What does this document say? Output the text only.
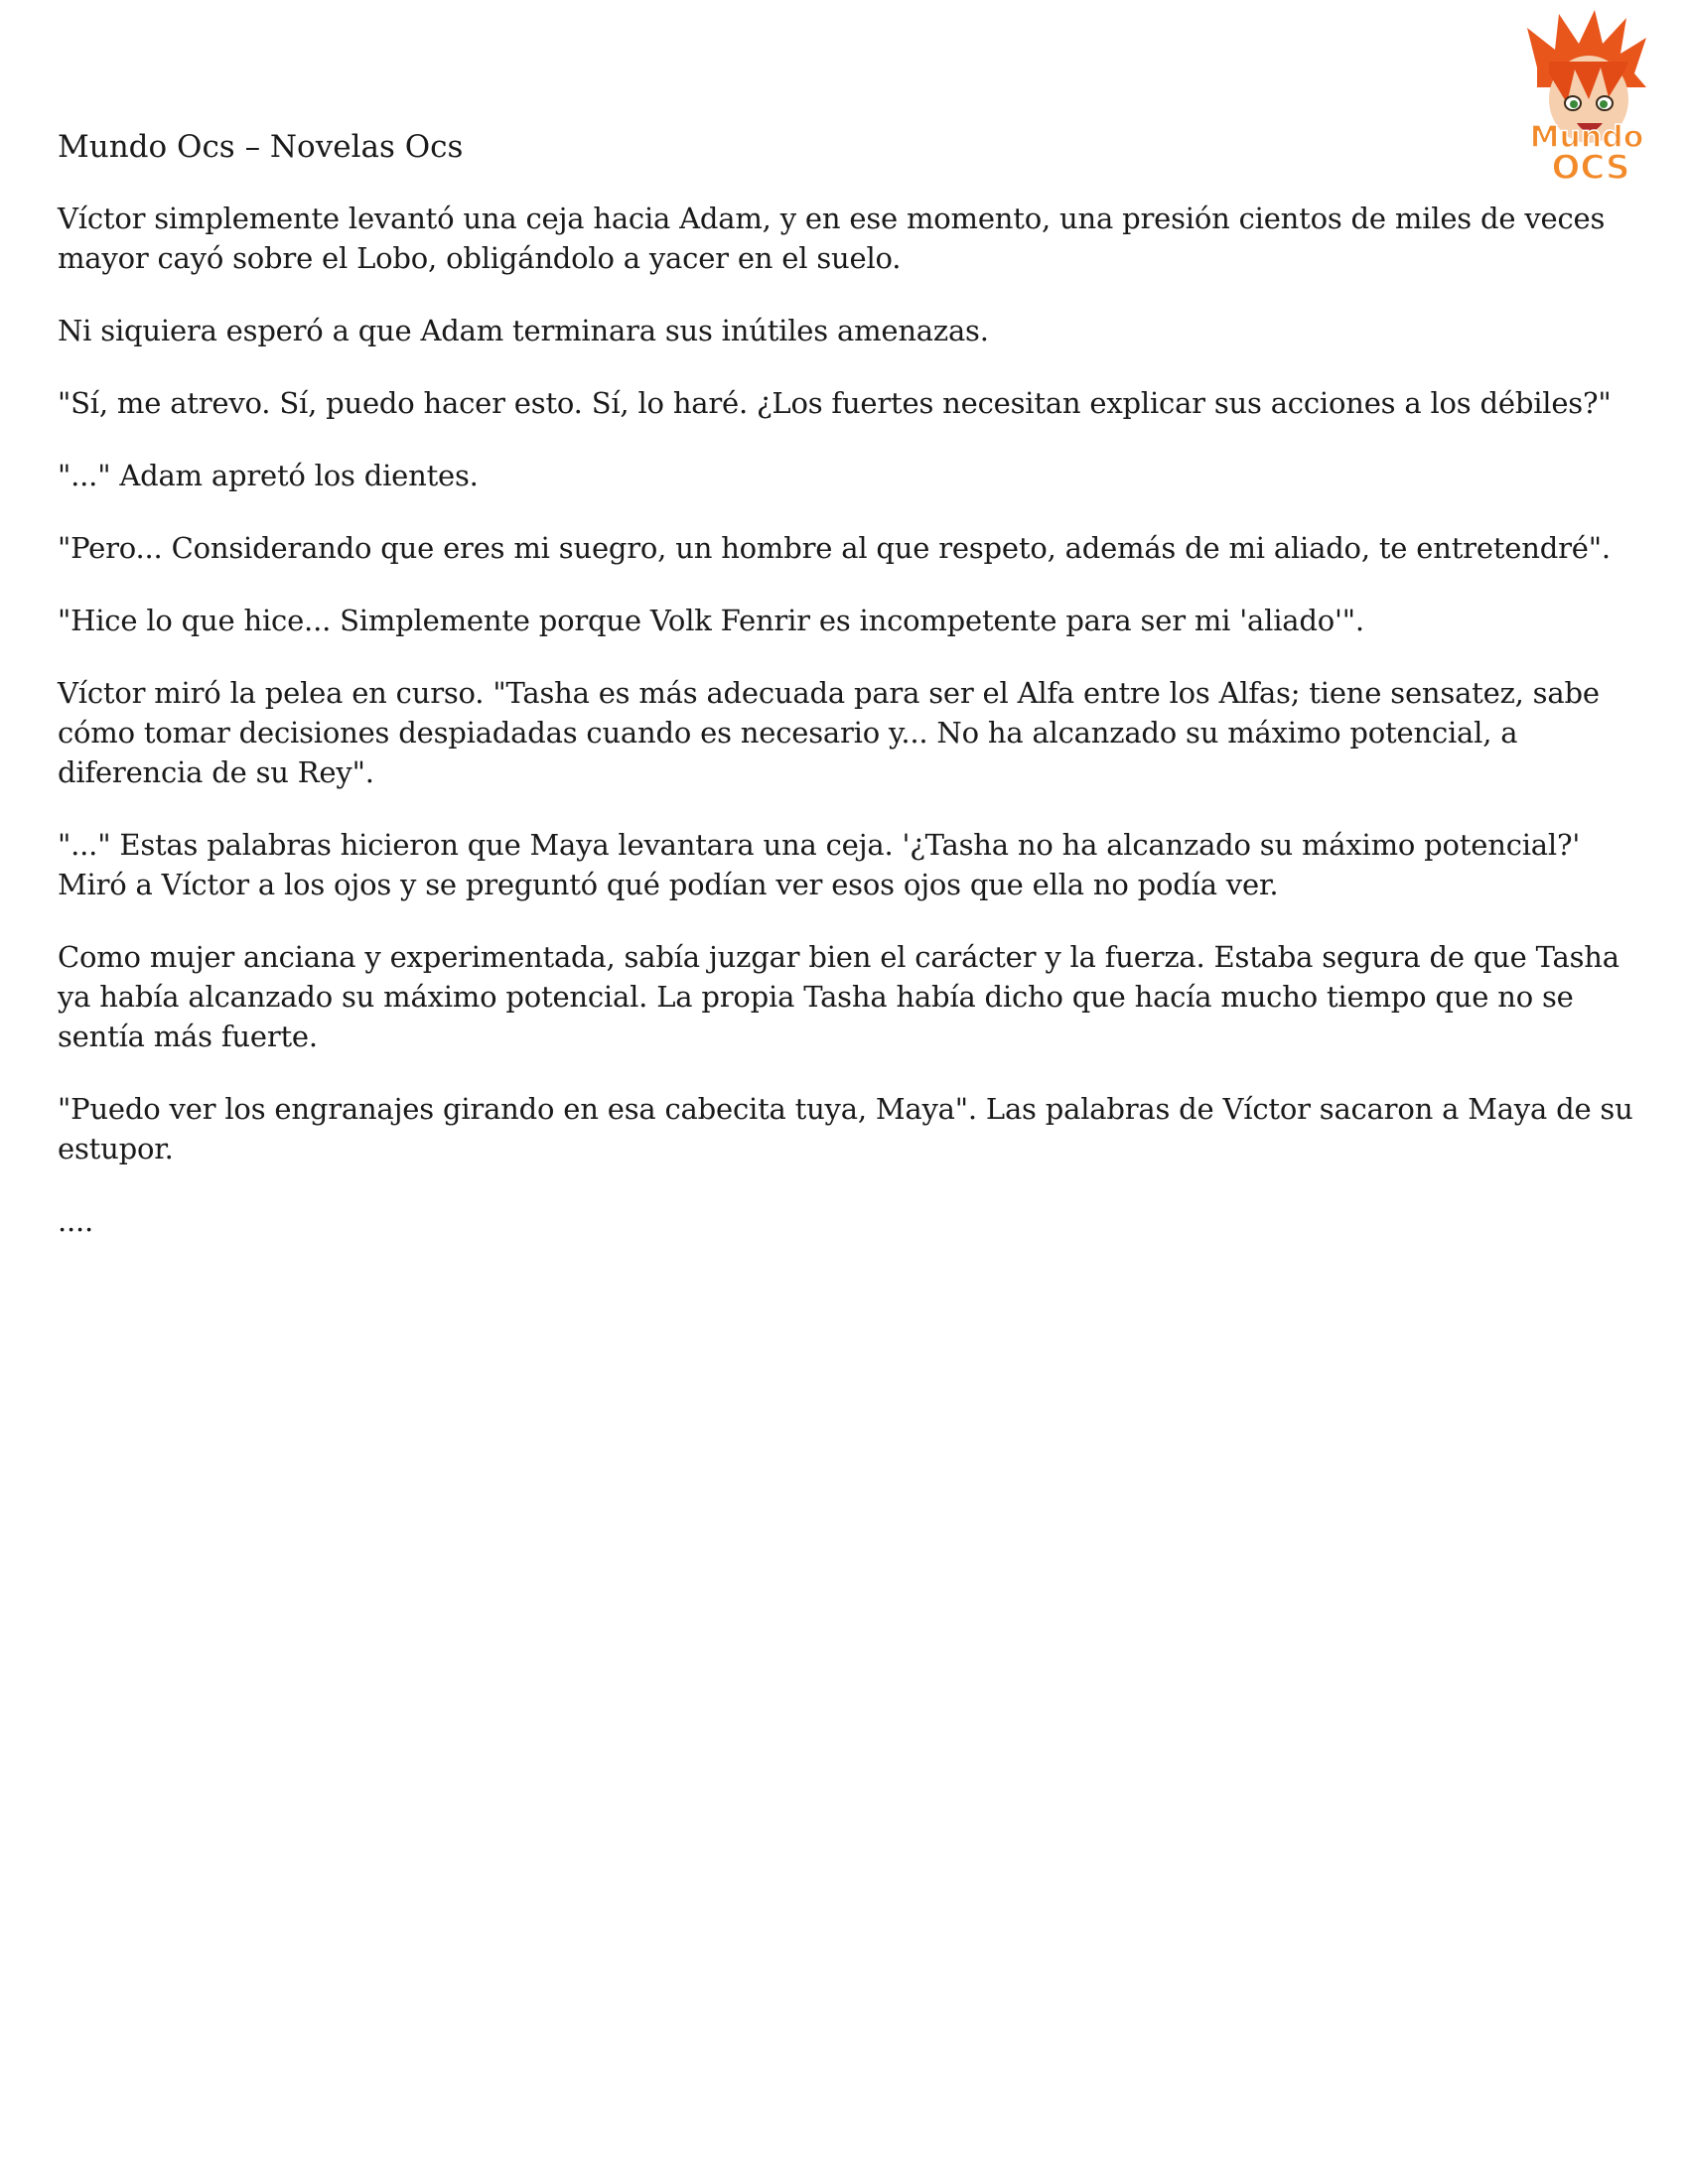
Mundo
OCS
Mundo Ocs – Novelas Ocs

Víctor simplemente levantó una ceja hacia Adam, y en ese momento, una presión cientos de miles de veces mayor cayó sobre el Lobo, obligándolo a yacer en el suelo.

Ni siquiera esperó a que Adam terminara sus inútiles amenazas.

"Sí, me atrevo. Sí, puedo hacer esto. Sí, lo haré. ¿Los fuertes necesitan explicar sus acciones a los débiles?"

"..." Adam apretó los dientes.

"Pero... Considerando que eres mi suegro, un hombre al que respeto, además de mi aliado, te entretendré".

"Hice lo que hice... Simplemente porque Volk Fenrir es incompetente para ser mi 'aliado'".

Víctor miró la pelea en curso. "Tasha es más adecuada para ser el Alfa entre los Alfas; tiene sensatez, sabe cómo tomar decisiones despiadadas cuando es necesario y... No ha alcanzado su máximo potencial, a diferencia de su Rey".

"..." Estas palabras hicieron que Maya levantara una ceja. '¿Tasha no ha alcanzado su máximo potencial?' Miró a Víctor a los ojos y se preguntó qué podían ver esos ojos que ella no podía ver.

Como mujer anciana y experimentada, sabía juzgar bien el carácter y la fuerza. Estaba segura de que Tasha ya había alcanzado su máximo potencial. La propia Tasha había dicho que hacía mucho tiempo que no se sentía más fuerte.

"Puedo ver los engranajes girando en esa cabecita tuya, Maya". Las palabras de Víctor sacaron a Maya de su estupor.

....
